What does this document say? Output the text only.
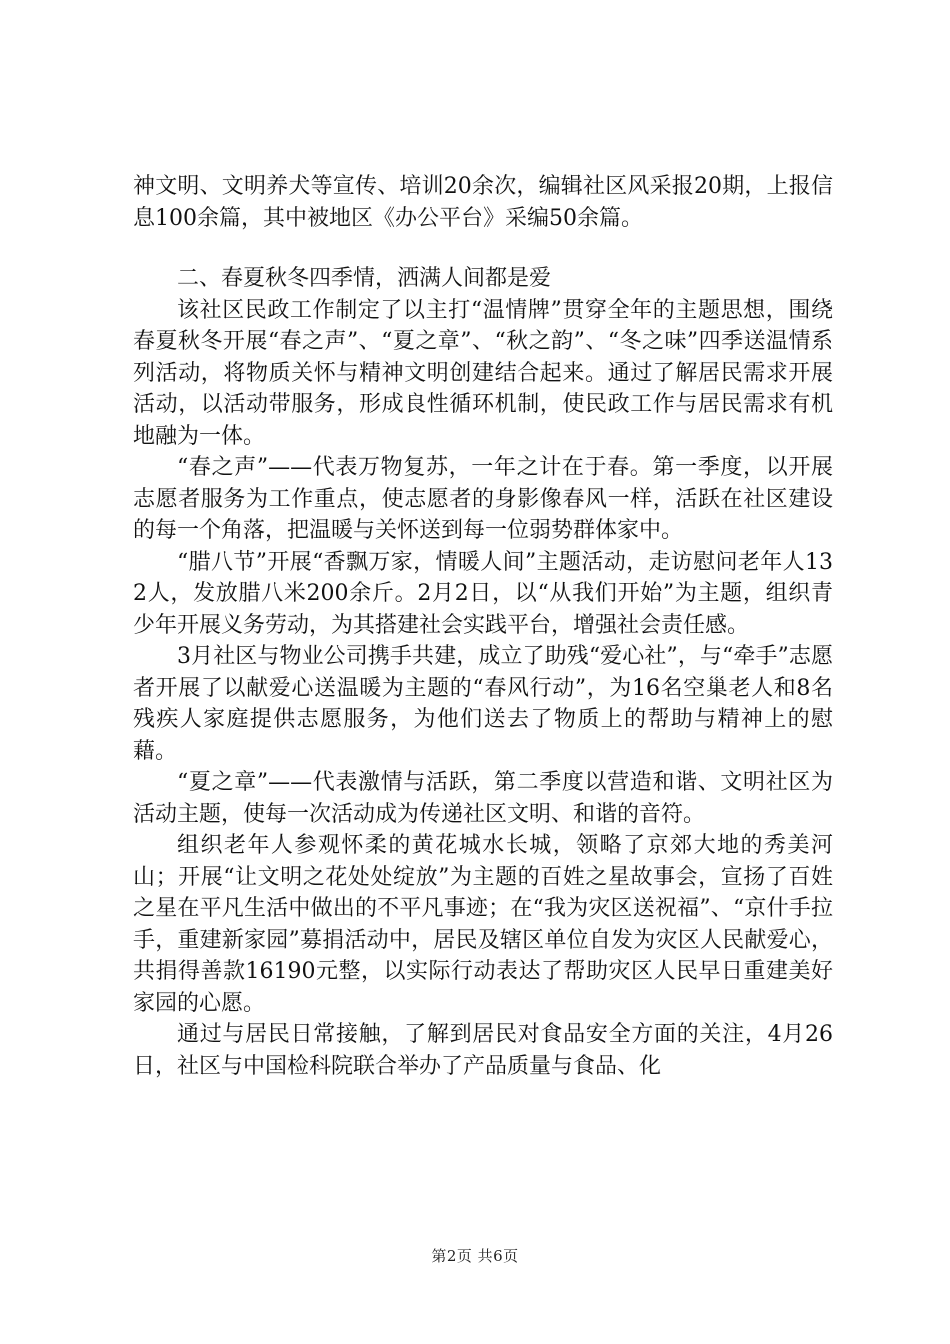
神文明、文明养犬等宣传、培训20余次，编辑社区风采报20期，上报信息100余篇，其中被地区《办公平台》采编50余篇。

二、春夏秋冬四季情，洒满人间都是爱

该社区民政工作制定了以主打“温情牌”贯穿全年的主题思想，围绕春夏秋冬开展“春之声”、“夏之章”、“秋之韵”、“冬之味”四季送温情系列活动，将物质关怀与精神文明创建结合起来。通过了解居民需求开展活动，以活动带服务，形成良性循环机制，使民政工作与居民需求有机地融为一体。

“春之声”——代表万物复苏，一年之计在于春。第一季度，以开展志愿者服务为工作重点，使志愿者的身影像春风一样，活跃在社区建设的每一个角落，把温暖与关怀送到每一位弱势群体家中。

“腊八节”开展“香飘万家，情暖人间”主题活动，走访慰问老年人132人，发放腊八米200余斤。2月2日，以“从我们开始”为主题，组织青少年开展义务劳动，为其搭建社会实践平台，增强社会责任感。

3月社区与物业公司携手共建，成立了助残“爱心社”，与“牵手”志愿者开展了以献爱心送温暖为主题的“春风行动”，为16名空巢老人和8名残疾人家庭提供志愿服务，为他们送去了物质上的帮助与精神上的慰藉。

“夏之章”——代表激情与活跃，第二季度以营造和谐、文明社区为活动主题，使每一次活动成为传递社区文明、和谐的音符。

组织老年人参观怀柔的黄花城水长城，领略了京郊大地的秀美河山；开展“让文明之花处处绽放”为主题的百姓之星故事会，宣扬了百姓之星在平凡生活中做出的不平凡事迹；在“我为灾区送祝福”、“京什手拉手，重建新家园”募捐活动中，居民及辖区单位自发为灾区人民献爱心，共捐得善款16190元整，以实际行动表达了帮助灾区人民早日重建美好家园的心愿。

通过与居民日常接触，了解到居民对食品安全方面的关注，4月26日，社区与中国检科院联合举办了产品质量与食品、化

第2页 共6页
